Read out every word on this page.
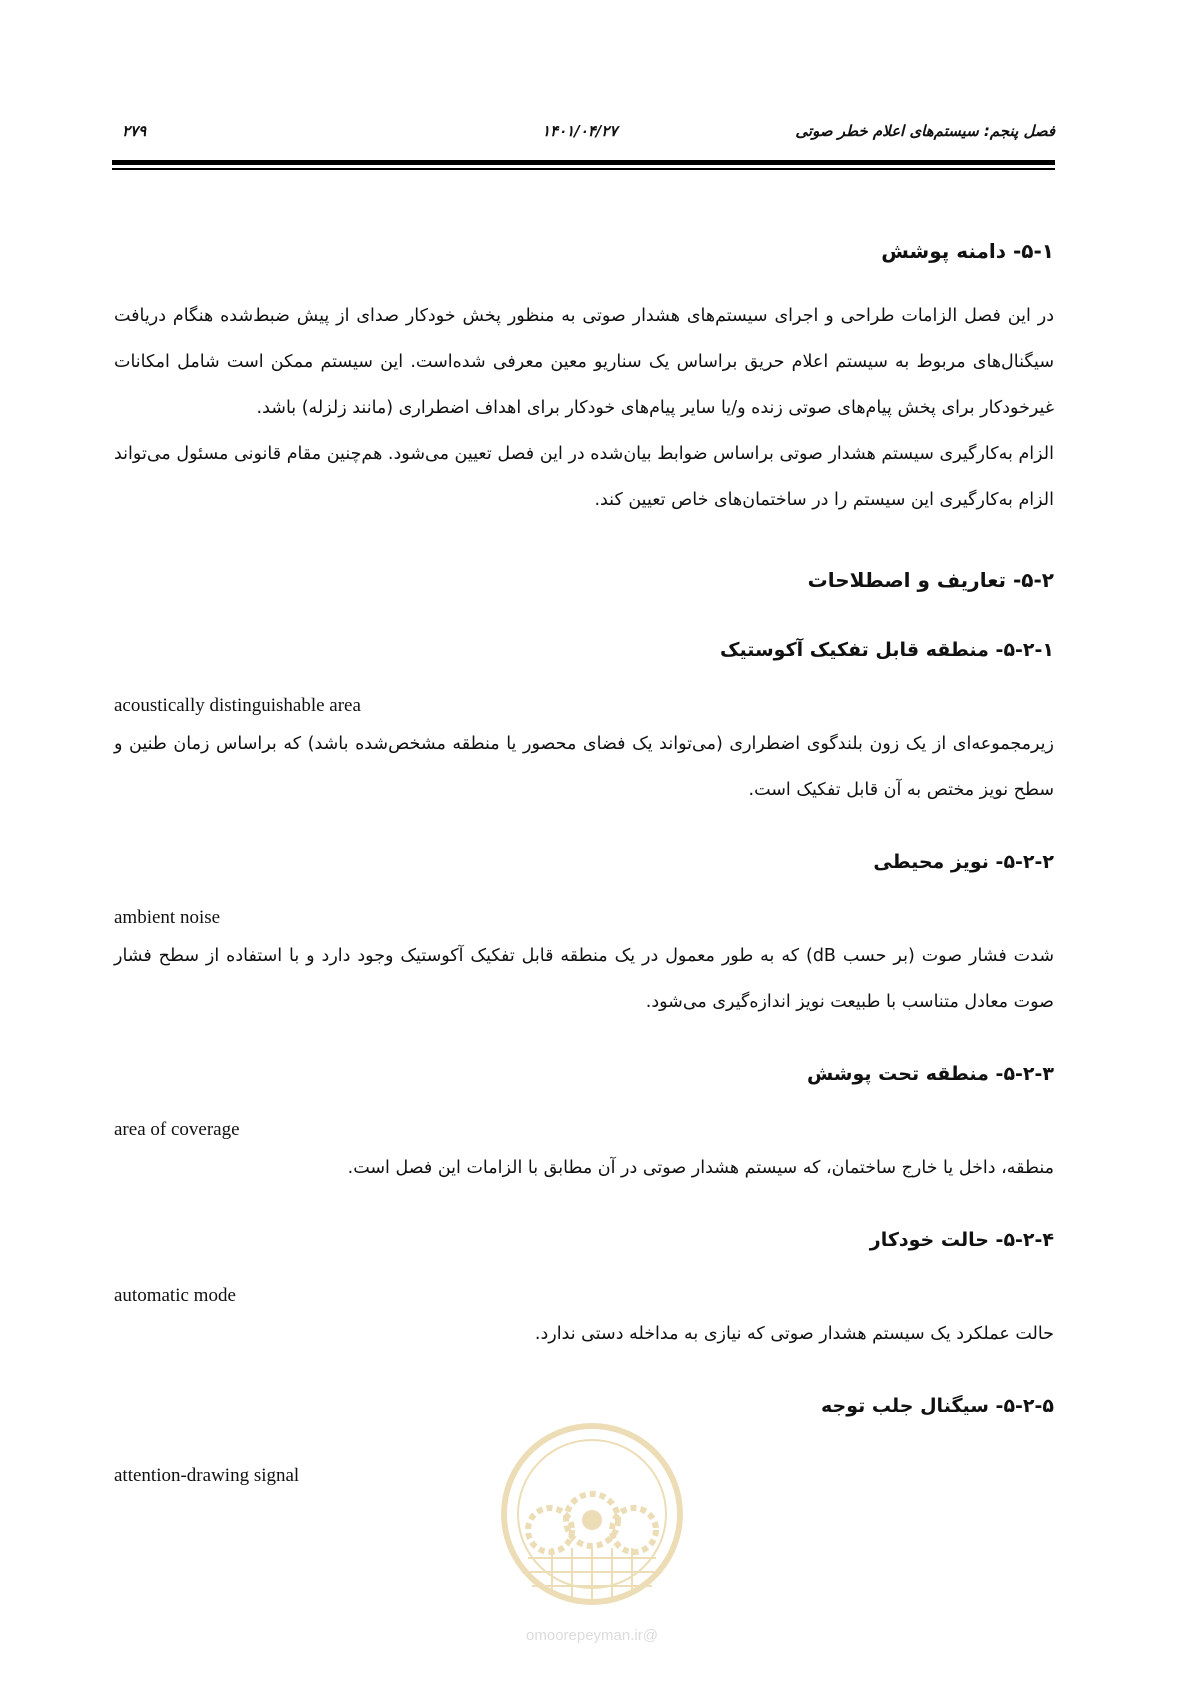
فصل پنجم: سیستم‌های اعلام خطر صوتی
۱۴۰۱/۰۴/۲۷
۲۷۹
۵-۱- دامنه پوشش

در این فصل الزامات طراحی و اجرای سیستم‌های هشدار صوتی به منظور پخش خودکار صدای از پیش ضبط‌شده هنگام دریافت سیگنال‌های مربوط به سیستم اعلام حریق براساس یک سناریو معین معرفی شده‌است. این سیستم ممکن است شامل امکانات غیرخودکار برای پخش پیام‌های صوتی زنده و/یا سایر پیام‌های خودکار برای اهداف اضطراری (مانند زلزله) باشد.

الزام به‌کارگیری سیستم هشدار صوتی براساس ضوابط بیان‌شده در این فصل تعیین می‌شود. هم‌چنین مقام قانونی مسئول می‌تواند الزام به‌کارگیری این سیستم را در ساختمان‌های خاص تعیین کند.

۵-۲- تعاریف و اصطلاحات
۵-۲-۱- منطقه قابل تفکیک آکوستیک

acoustically distinguishable area

زیرمجموعه‌ای از یک زون بلندگوی اضطراری (می‌تواند یک فضای محصور یا منطقه مشخص‌شده باشد) که براساس زمان طنین و سطح نویز مختص به آن قابل تفکیک است.

۵-۲-۲- نویز محیطی

ambient noise

شدت فشار صوت (بر حسب dB) که به طور معمول در یک منطقه قابل تفکیک آکوستیک وجود دارد و با استفاده از سطح فشار صوت معادل متناسب با طبیعت نویز اندازه‌گیری می‌شود.

۵-۲-۳- منطقه تحت پوشش

area of coverage

منطقه، داخل یا خارج ساختمان، که سیستم هشدار صوتی در آن مطابق با الزامات این فصل است.

۵-۲-۴- حالت خودکار

automatic mode

حالت عملکرد یک سیستم هشدار صوتی که نیازی به مداخله دستی ندارد.

۵-۲-۵- سیگنال جلب توجه

attention-drawing signal

@omoorepeyman.ir
